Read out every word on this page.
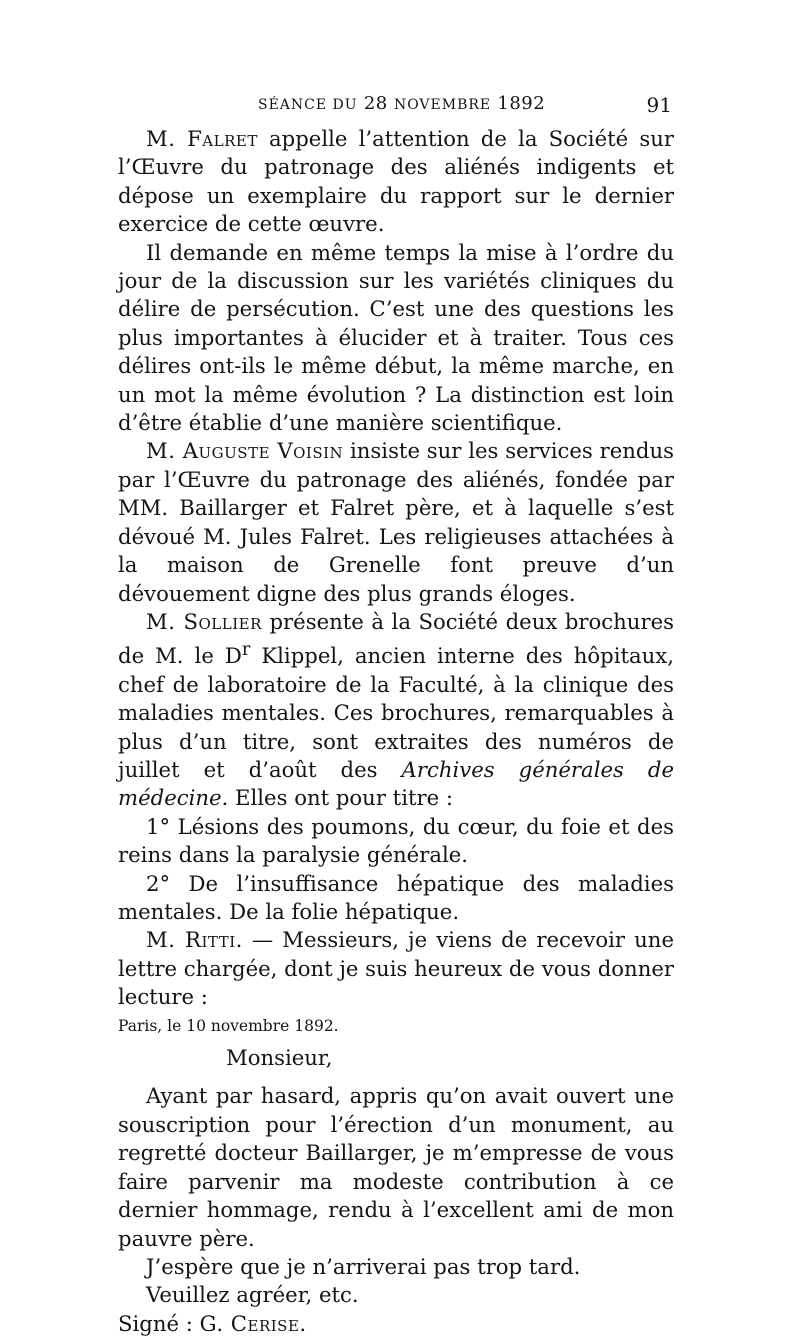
SÉANCE DU 28 NOVEMBRE 1892	91

M. Falret appelle l’attention de la Société sur l’Œuvre du patronage des aliénés indigents et dépose un exemplaire du rapport sur le dernier exercice de cette œuvre.

Il demande en même temps la mise à l’ordre du jour de la discussion sur les variétés cliniques du délire de persécution. C’est une des questions les plus importantes à élucider et à traiter. Tous ces délires ont-ils le même début, la même marche, en un mot la même évolution ? La distinction est loin d’être établie d’une manière scientifique.

M. Auguste Voisin insiste sur les services rendus par l’Œuvre du patronage des aliénés, fondée par MM. Baillarger et Falret père, et à laquelle s’est dévoué M. Jules Falret. Les religieuses attachées à la maison de Grenelle font preuve d’un dévouement digne des plus grands éloges.

M. Sollier présente à la Société deux brochures de M. le $D^r$ Klippel, ancien interne des hôpitaux, chef de laboratoire de la Faculté, à la clinique des maladies mentales. Ces brochures, remarquables à plus d’un titre, sont extraites des numéros de juillet et d’août des Archives générales de médecine. Elles ont pour titre :

1° Lésions des poumons, du cœur, du foie et des reins dans la paralysie générale.

2° De l’insuffisance hépatique des maladies mentales. De la folie hépatique.

M. Ritti. — Messieurs, je viens de recevoir une lettre chargée, dont je suis heureux de vous donner lecture :

Paris, le 10 novembre 1892.

Monsieur,

Ayant par hasard, appris qu’on avait ouvert une souscription pour l’érection d’un monument, au regretté docteur Baillarger, je m’empresse de vous faire parvenir ma modeste contribution à ce dernier hommage, rendu à l’excellent ami de mon pauvre père.

J’espère que je n’arriverai pas trop tard.

Veuillez agréer, etc.

Signé : G. Cerise.
